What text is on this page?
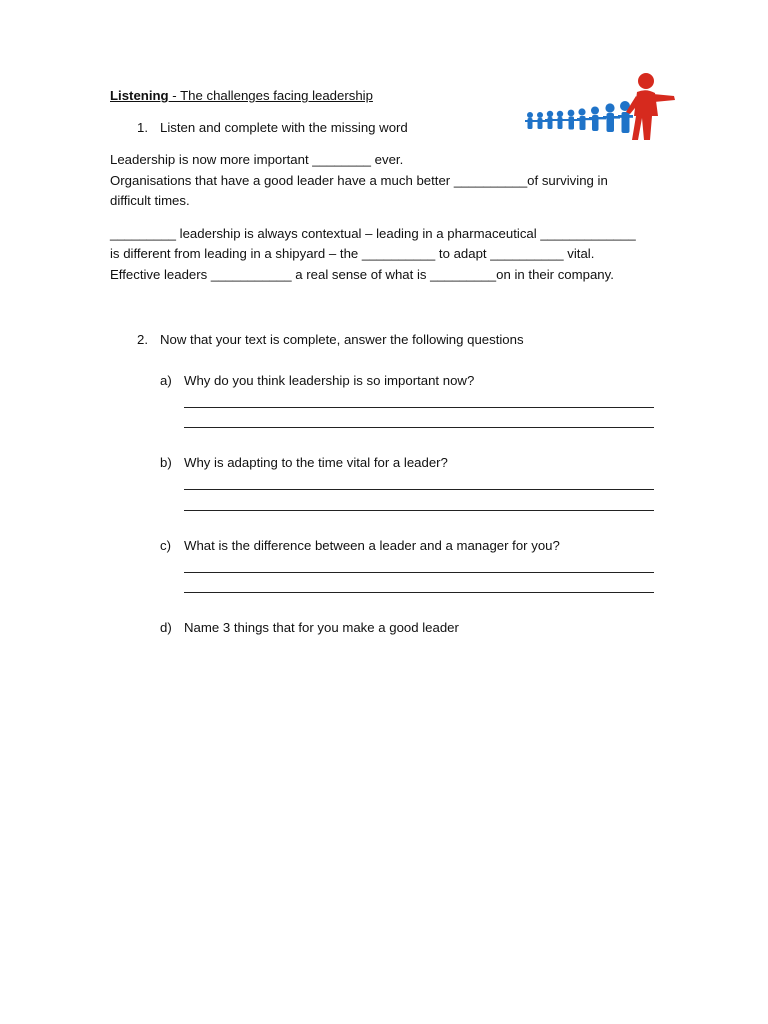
Listening - The challenges facing leadership
1. Listen and complete with the missing word
Leadership is now more important ________ ever.
Organisations that have a good leader have a much better __________of surviving in
difficult times.
_________ leadership is always contextual – leading in a pharmaceutical _____________
is different from leading in a shipyard – the __________ to adapt __________ vital.
Effective leaders ___________ a real sense of what is _________on in their company.
2. Now that your text is complete, answer the following questions
a) Why do you think leadership is so important now?
b) Why is adapting to the time vital for a leader?
c) What is the difference between a leader and a manager for you?
d) Name 3 things that for you make a good leader
